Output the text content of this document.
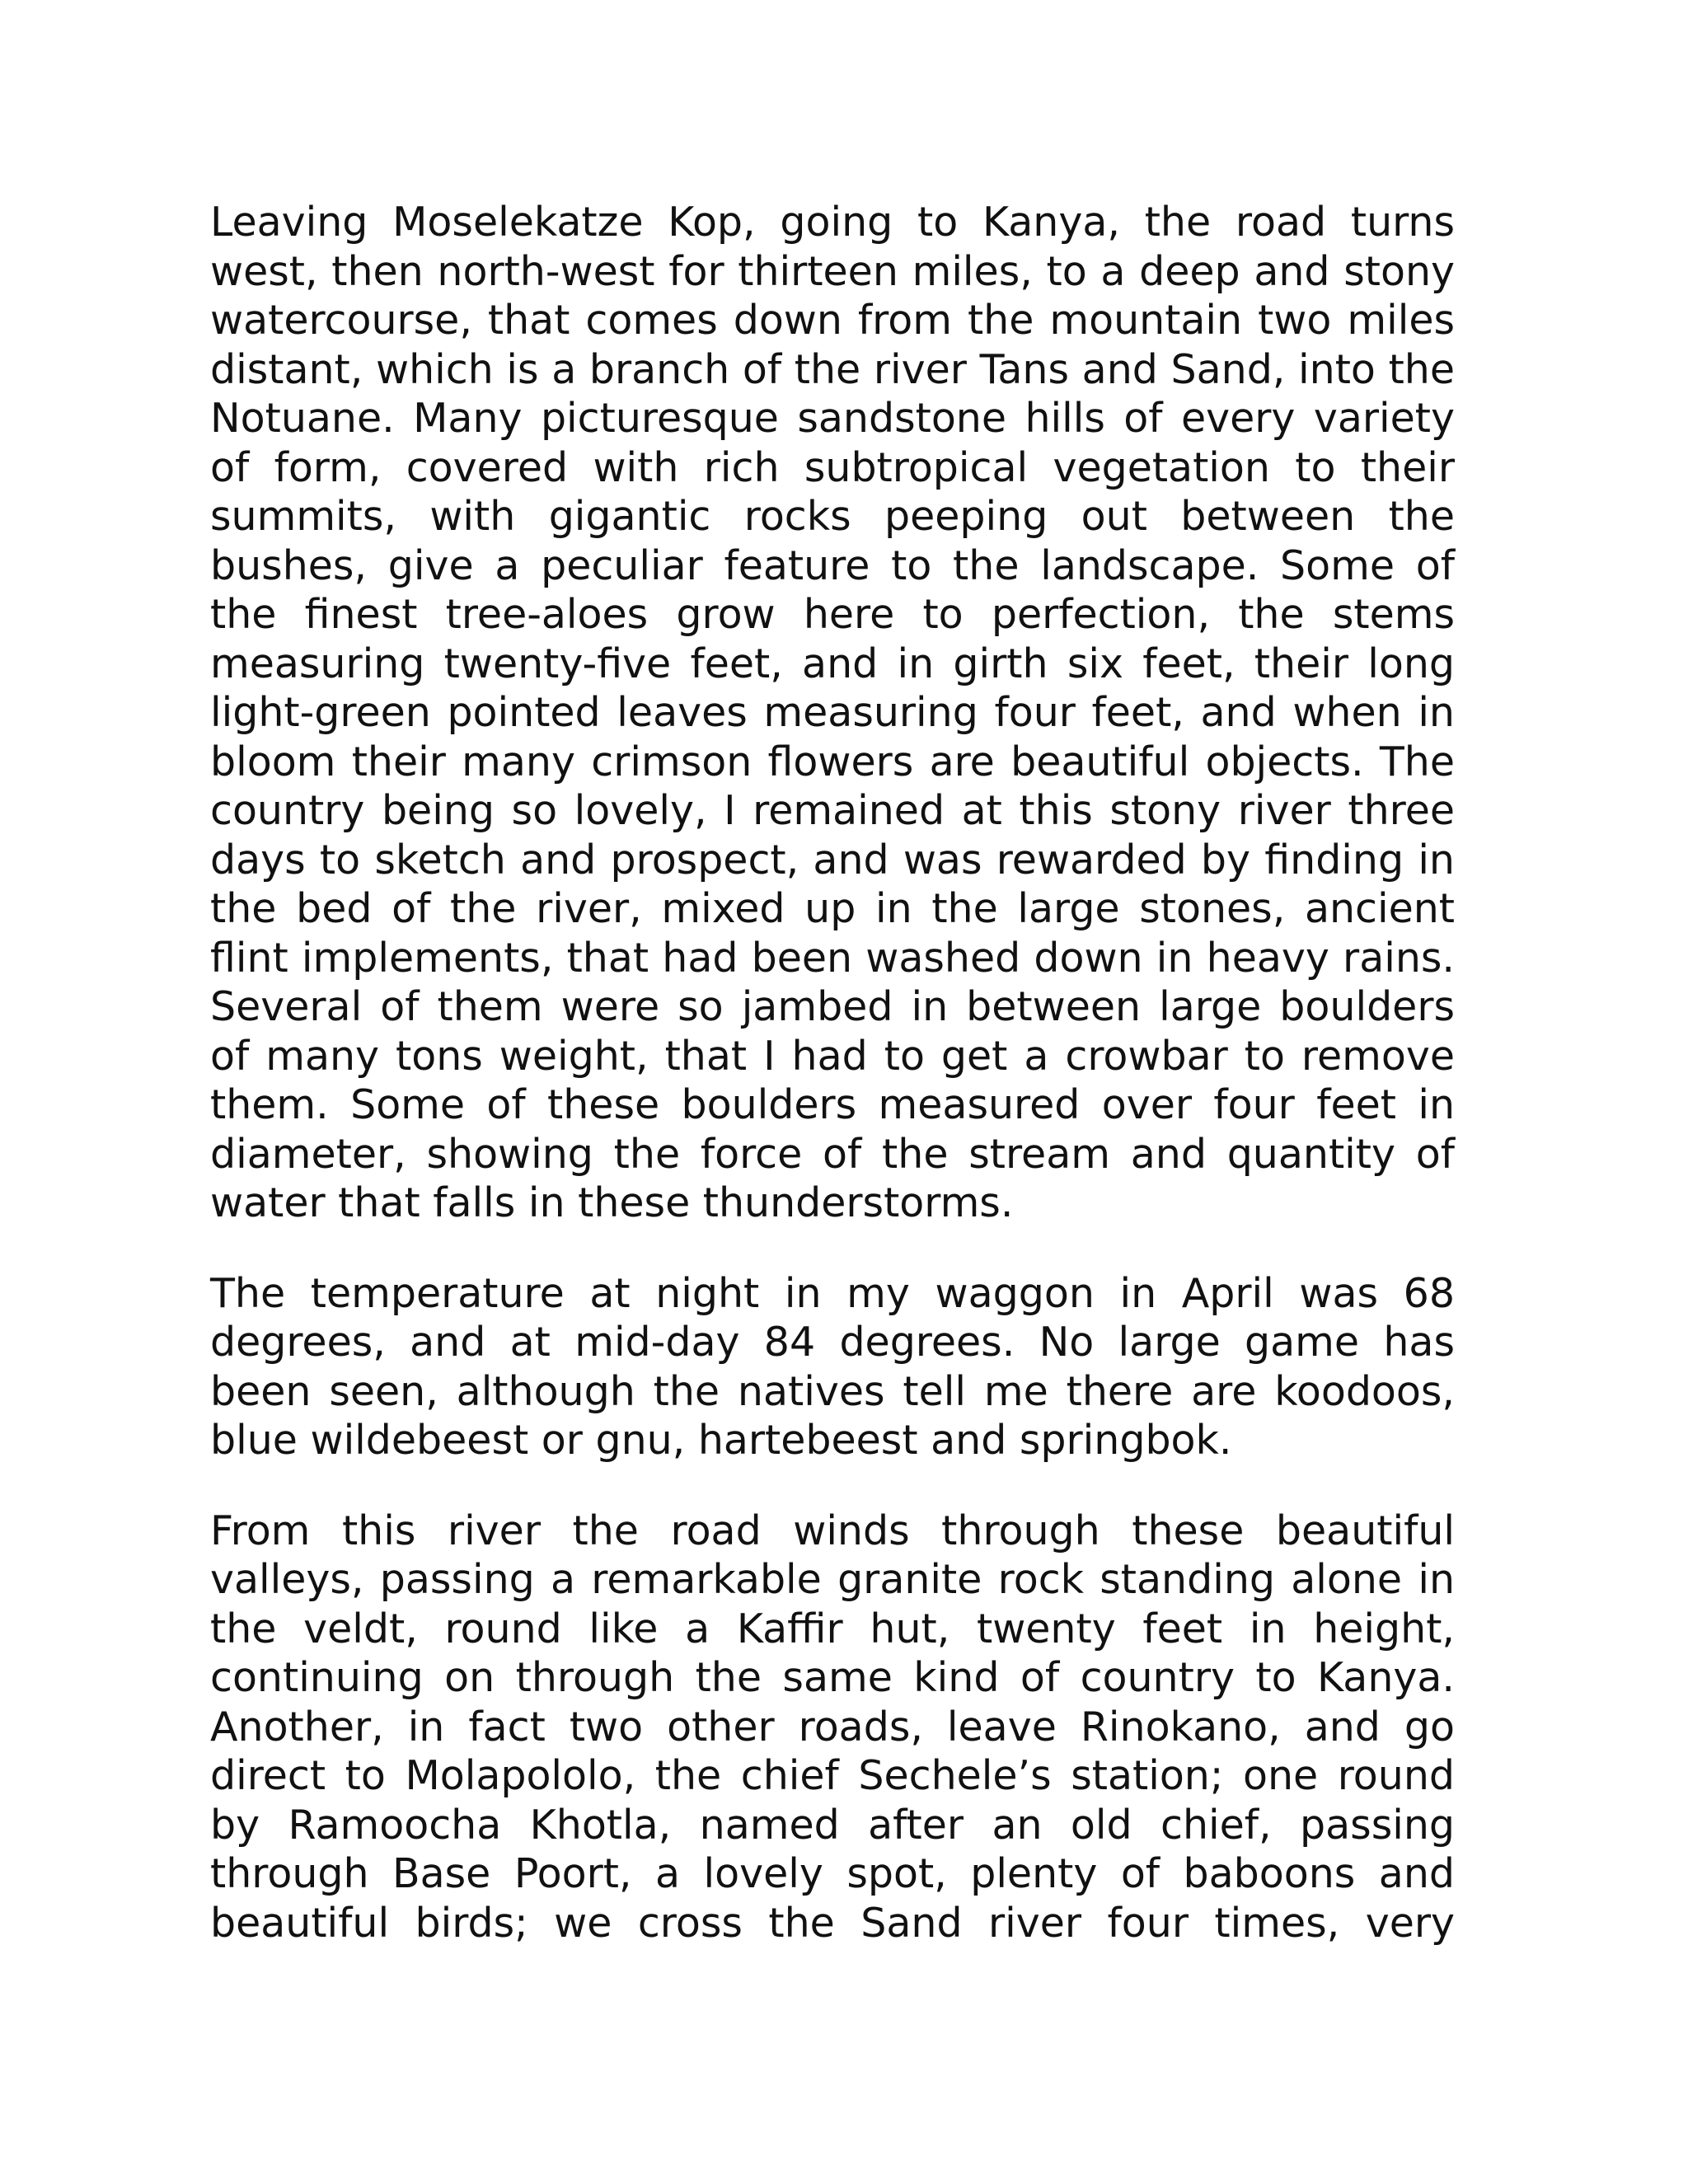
Leaving Moselekatze Kop, going to Kanya, the road turns west, then north-west for thirteen miles, to a deep and stony watercourse, that comes down from the mountain two miles distant, which is a branch of the river Tans and Sand, into the Notuane. Many picturesque sandstone hills of every variety of form, covered with rich subtropical vegetation to their summits, with gigantic rocks peeping out between the bushes, give a peculiar feature to the landscape. Some of the finest tree-aloes grow here to perfection, the stems measuring twenty-five feet, and in girth six feet, their long light-green pointed leaves measuring four feet, and when in bloom their many crimson flowers are beautiful objects. The country being so lovely, I remained at this stony river three days to sketch and prospect, and was rewarded by finding in the bed of the river, mixed up in the large stones, ancient flint implements, that had been washed down in heavy rains. Several of them were so jambed in between large boulders of many tons weight, that I had to get a crowbar to remove them. Some of these boulders measured over four feet in diameter, showing the force of the stream and quantity of water that falls in these thunderstorms.

The temperature at night in my waggon in April was 68 degrees, and at mid-day 84 degrees. No large game has been seen, although the natives tell me there are koodoos, blue wildebeest or gnu, hartebeest and springbok.

From this river the road winds through these beautiful valleys, passing a remarkable granite rock standing alone in the veldt, round like a Kaffir hut, twenty feet in height, continuing on through the same kind of country to Kanya. Another, in fact two other roads, leave Rinokano, and go direct to Molapololo, the chief Sechele’s station; one round by Ramoocha Khotla, named after an old chief, passing through Base Poort, a lovely spot, plenty of baboons and beautiful birds; we cross the Sand river four times, very
